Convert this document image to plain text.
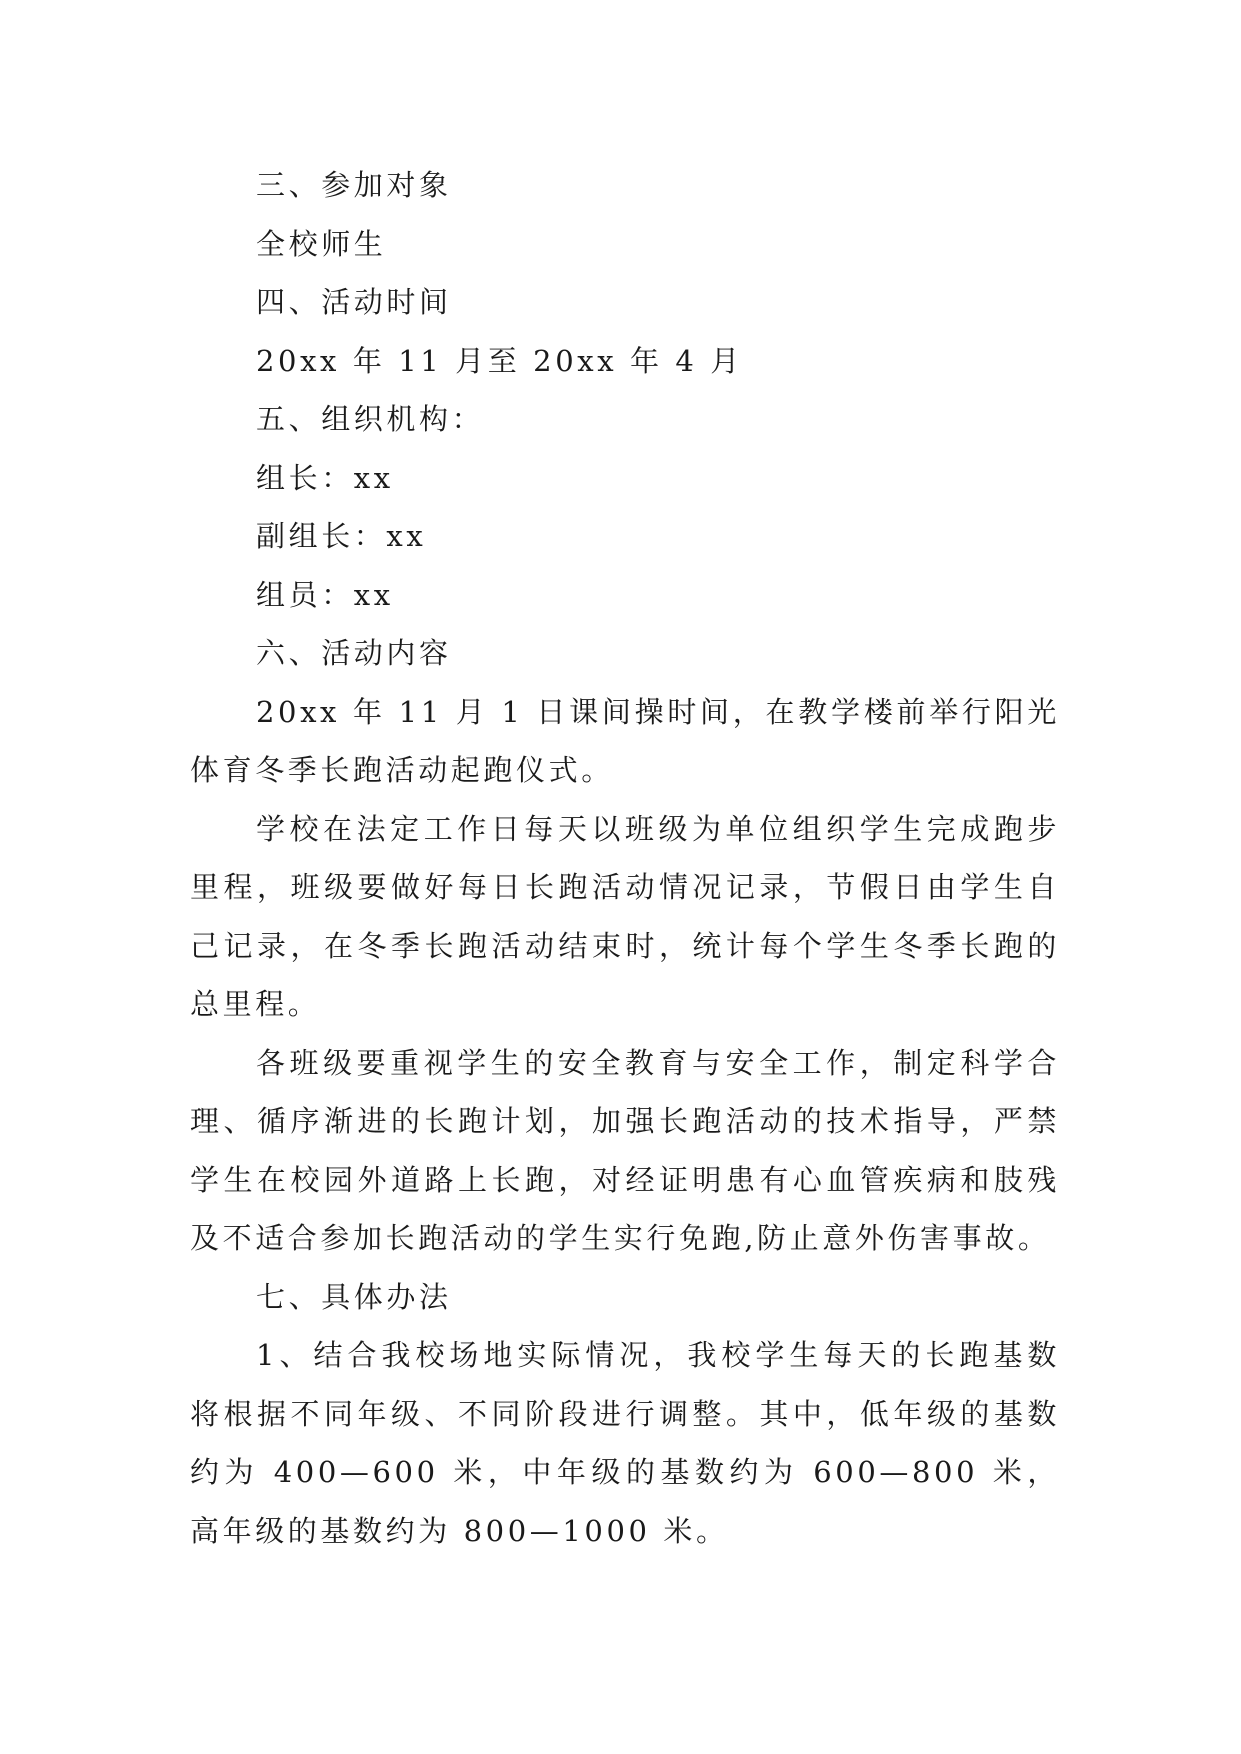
三、参加对象

全校师生

四、活动时间

20xx 年 11 月至 20xx 年 4 月

五、组织机构：

组长：xx

副组长：xx

组员：xx

六、活动内容

20xx 年 11 月 1 日课间操时间，在教学楼前举行阳光体育冬季长跑活动起跑仪式。

学校在法定工作日每天以班级为单位组织学生完成跑步里程，班级要做好每日长跑活动情况记录，节假日由学生自己记录，在冬季长跑活动结束时，统计每个学生冬季长跑的总里程。

各班级要重视学生的安全教育与安全工作，制定科学合理、循序渐进的长跑计划，加强长跑活动的技术指导，严禁学生在校园外道路上长跑，对经证明患有心血管疾病和肢残及不适合参加长跑活动的学生实行免跑,防止意外伤害事故。

七、具体办法

1、结合我校场地实际情况，我校学生每天的长跑基数将根据不同年级、不同阶段进行调整。其中，低年级的基数约为 400—600 米，中年级的基数约为 600—800 米，高年级的基数约为 800—1000 米。
